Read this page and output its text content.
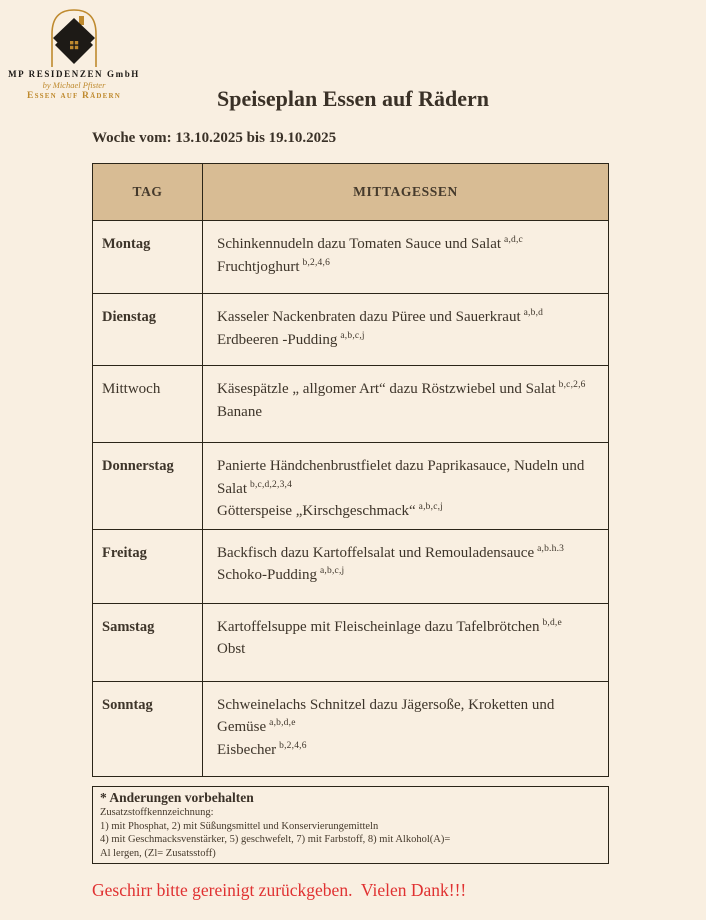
MP RESIDENZEN GmbH
by Michael Pfister
Essen auf Rädern	Speiseplan Essen auf Rädern
Woche vom: 13.10.2025 bis 19.10.2025
TAG	MITTAGESSEN
Montag	Schinkennudeln dazu Tomaten Sauce und Salat $^{a,d,c}$
Fruchtjoghurt $^{b,2,4,6}$

Dienstag	Kasseler Nackenbraten dazu Püree und Sauerkraut $^{a,b,d}$
Erdbeeren -Pudding $^{a,b,c,j}$

Mittwoch	Käsespätzle „ allgomer Art“ dazu Röstzwiebel und Salat $^{b,c,2,6}$
Banane

Donnerstag	Panierte Händchenbrustfielet dazu Paprikasauce, Nudeln und Salat $^{b,c,d,2,3,4}$
Götterspeise „Kirschgeschmack“ $^{a,b,c,j}$

Freitag	Backfisch dazu Kartoffelsalat und Remouladensauce $^{a,b.h.3}$
Schoko-Pudding $^{a,b,c,j}$

Samstag	Kartoffelsuppe mit Fleischeinlage dazu Tafelbrötchen $^{b,d,e}$
Obst

Sonntag	Schweinelachs Schnitzel dazu Jägersoße, Kroketten und Gemüse $^{a,b,d,e}$
Eisbecher $^{b,2,4,6}$
* Anderungen vorbehalten
Zusatzstoffkennzeichnung:
1) mit Phosphat, 2) mit Süßungsmittel und Konservierungemitteln
4) mit Geschmacksvenstärker, 5) geschwefelt, 7) mit Farbstoff, 8) mit Alkohol(A)=
Al lergen, (Zl= Zusatsstoff)
Geschirr bitte gereinigt zurückgeben.  Vielen Dank!!!
